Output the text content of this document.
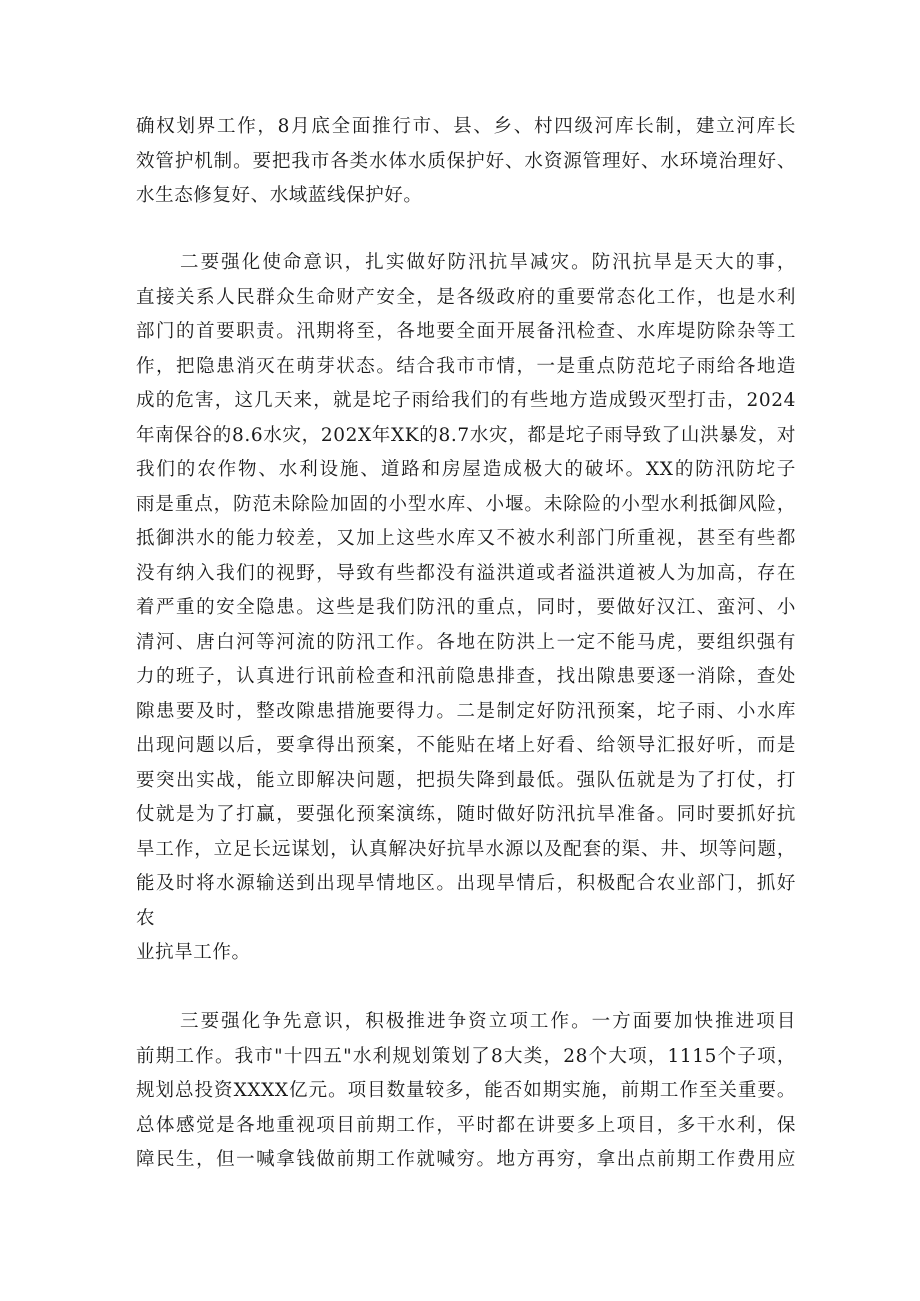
确权划界工作，8月底全面推行市、县、乡、村四级河库长制，建立河库长
效管护机制。要把我市各类水体水质保护好、水资源管理好、水环境治理好、
水生态修复好、水域蓝线保护好。
二要强化使命意识，扎实做好防汛抗旱减灾。防汛抗旱是天大的事，
直接关系人民群众生命财产安全，是各级政府的重要常态化工作，也是水利
部门的首要职责。汛期将至，各地要全面开展备汛检查、水库堤防除杂等工
作，把隐患消灭在萌芽状态。结合我市市情，一是重点防范坨子雨给各地造
成的危害，这几天来，就是坨子雨给我们的有些地方造成毁灭型打击，2024
年南保谷的8.6水灾，202X年XK的8.7水灾，都是坨子雨导致了山洪暴发，对
我们的农作物、水利设施、道路和房屋造成极大的破坏。XX的防汛防坨子
雨是重点，防范未除险加固的小型水库、小堰。未除险的小型水利抵御风险，
抵御洪水的能力较差，又加上这些水库又不被水利部门所重视，甚至有些都
没有纳入我们的视野，导致有些都没有溢洪道或者溢洪道被人为加高，存在
着严重的安全隐患。这些是我们防汛的重点，同时，要做好汉江、蛮河、小
清河、唐白河等河流的防汛工作。各地在防洪上一定不能马虎，要组织强有
力的班子，认真进行讯前检查和汛前隐患排查，找出隙患要逐一消除，查处
隙患要及时，整改隙患措施要得力。二是制定好防汛预案，坨子雨、小水库
出现问题以后，要拿得出预案，不能贴在堵上好看、给领导汇报好听，而是
要突出实战，能立即解决问题，把损失降到最低。强队伍就是为了打仗，打
仗就是为了打赢，要强化预案演练，随时做好防汛抗旱准备。同时要抓好抗
旱工作，立足长远谋划，认真解决好抗旱水源以及配套的渠、井、坝等问题，
能及时将水源输送到出现旱情地区。出现旱情后，积极配合农业部门，抓好
农
业抗旱工作。
三要强化争先意识，积极推进争资立项工作。一方面要加快推进项目
前期工作。我市"十四五"水利规划策划了8大类，28个大项，1115个子项，
规划总投资XXXX亿元。项目数量较多，能否如期实施，前期工作至关重要。
总体感觉是各地重视项目前期工作，平时都在讲要多上项目，多干水利，保
障民生，但一喊拿钱做前期工作就喊穷。地方再穷，拿出点前期工作费用应
